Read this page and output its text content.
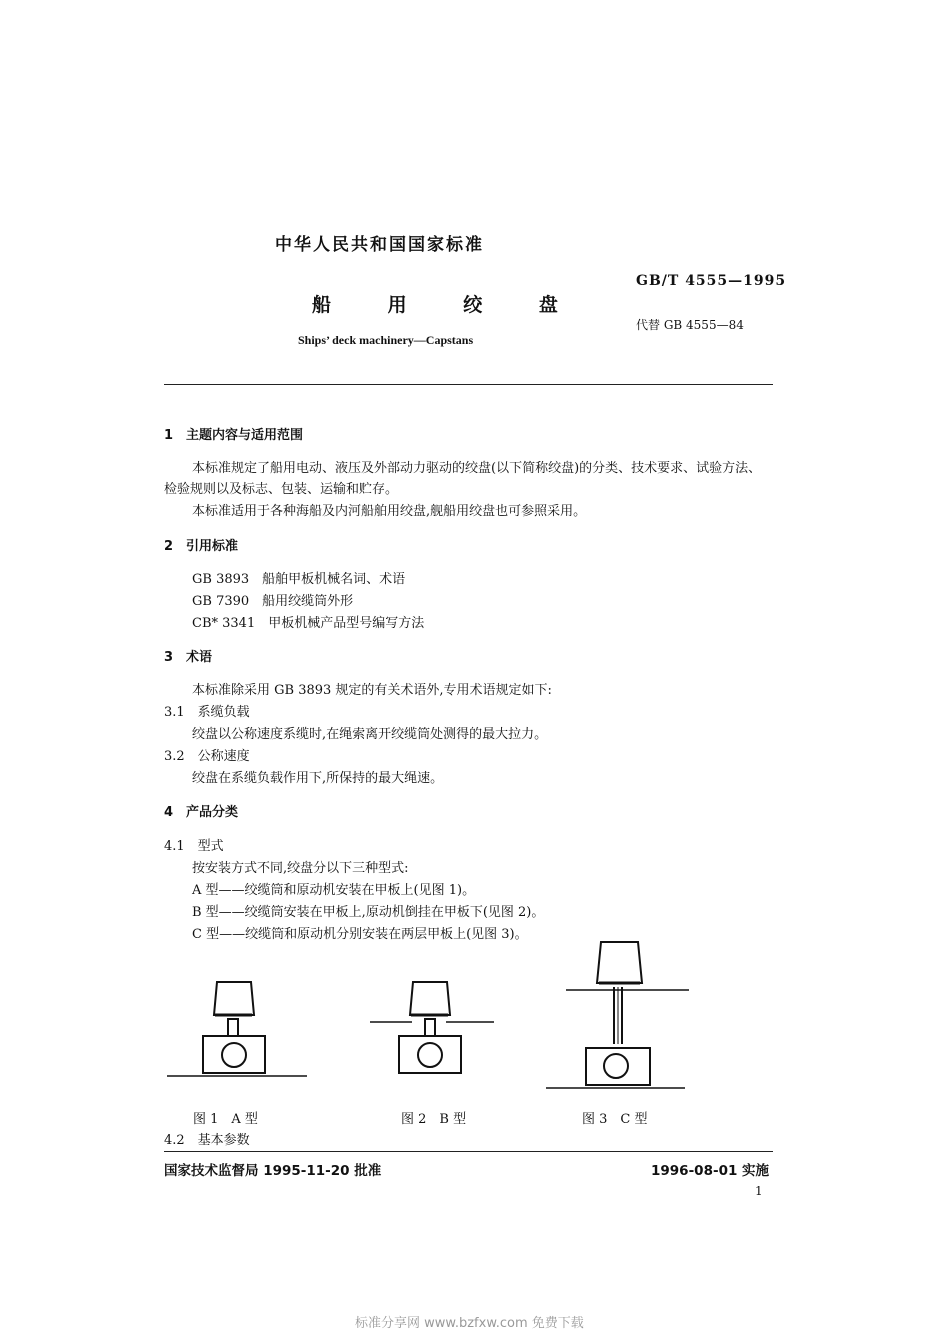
中华人民共和国国家标准
GB/T 4555—1995
船 用 绞 盘
代替 GB 4555—84
Ships’ deck machinery—Capstans
1　主题内容与适用范围
本标准规定了船用电动、液压及外部动力驱动的绞盘(以下简称绞盘)的分类、技术要求、试验方法、
检验规则以及标志、包装、运输和贮存。
本标准适用于各种海船及内河船舶用绞盘,舰船用绞盘也可参照采用。
2　引用标准
GB 3893　船舶甲板机械名词、术语
GB 7390　船用绞缆筒外形
CB* 3341　甲板机械产品型号编写方法
3　术语
本标准除采用 GB 3893 规定的有关术语外,专用术语规定如下:
3.1　系缆负载
绞盘以公称速度系缆时,在绳索离开绞缆筒处测得的最大拉力。
3.2　公称速度
绞盘在系缆负载作用下,所保持的最大绳速。
4　产品分类
4.1　型式
按安装方式不同,绞盘分以下三种型式:
A 型——绞缆筒和原动机安装在甲板上(见图 1)。
B 型——绞缆筒安装在甲板上,原动机倒挂在甲板下(见图 2)。
C 型——绞缆筒和原动机分别安装在两层甲板上(见图 3)。
图 1　A 型	图 2　B 型	图 3　C 型
4.2　基本参数
国家技术监督局 1995-11-20 批准	1996-08-01 实施
1
标准分享网 www.bzfxw.com 免费下载
